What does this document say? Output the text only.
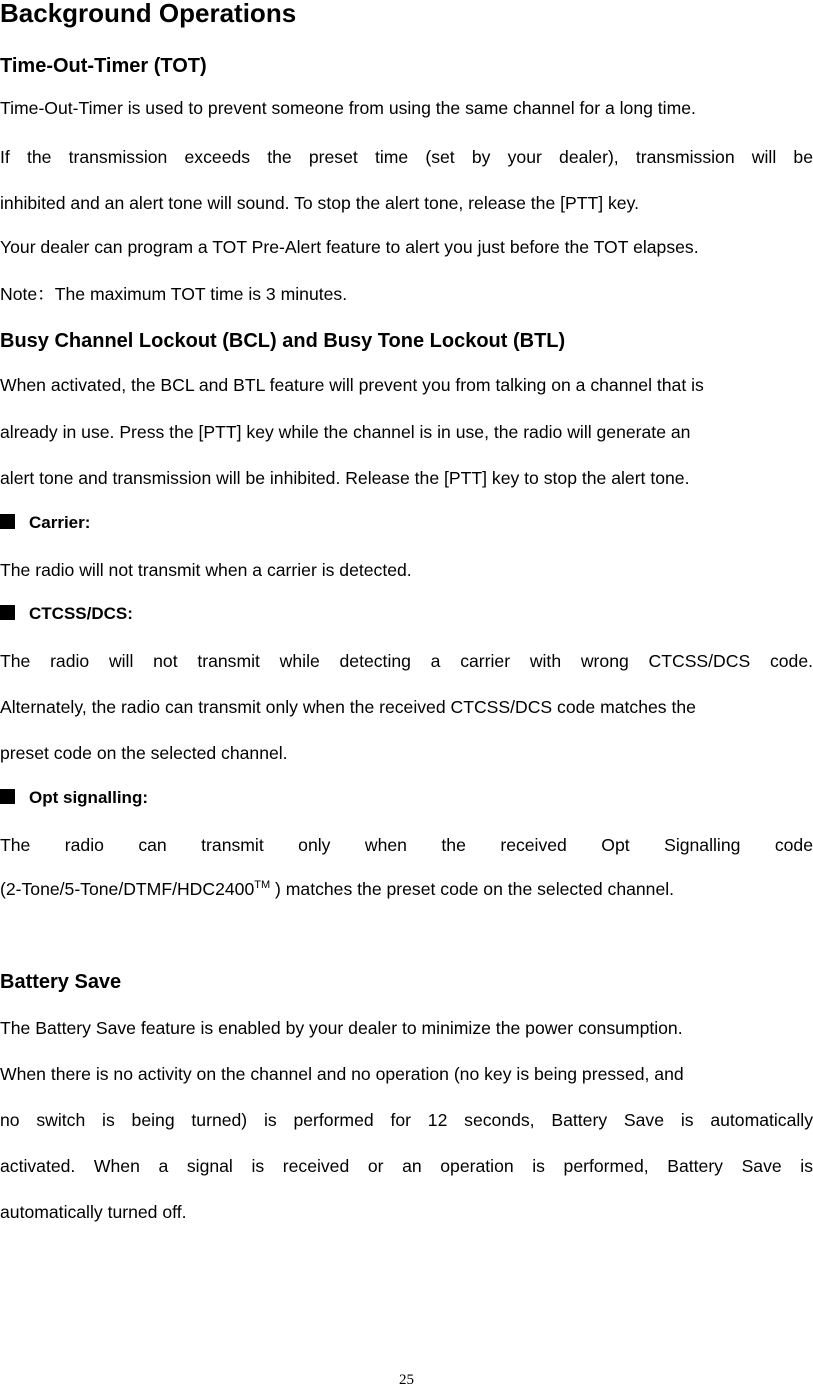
Background Operations
Time-Out-Timer (TOT)
Time-Out-Timer is used to prevent someone from using the same channel for a long time.
If the transmission exceeds the preset time (set by your dealer), transmission will be
inhibited and an alert tone will sound. To stop the alert tone, release the [PTT] key.
Your dealer can program a TOT Pre-Alert feature to alert you just before the TOT elapses.
Note：The maximum TOT time is 3 minutes.
Busy Channel Lockout (BCL) and Busy Tone Lockout (BTL)
When activated, the BCL and BTL feature will prevent you from talking on a channel that is
already in use. Press the [PTT] key while the channel is in use, the radio will generate an
alert tone and transmission will be inhibited. Release the [PTT] key to stop the alert tone.
Carrier:
The radio will not transmit when a carrier is detected.
CTCSS/DCS:
The radio will not transmit while detecting a carrier with wrong CTCSS/DCS code.
Alternately, the radio can transmit only when the received CTCSS/DCS code matches the
preset code on the selected channel.
Opt signalling:
The radio can transmit only when the received Opt Signalling code
(2-Tone/5-Tone/DTMF/HDC2400™ ) matches the preset code on the selected channel.
Battery Save
The Battery Save feature is enabled by your dealer to minimize the power consumption.
When there is no activity on the channel and no operation (no key is being pressed, and
no switch is being turned) is performed for 12 seconds, Battery Save is automatically
activated. When a signal is received or an operation is performed, Battery Save is
automatically turned off.
25
